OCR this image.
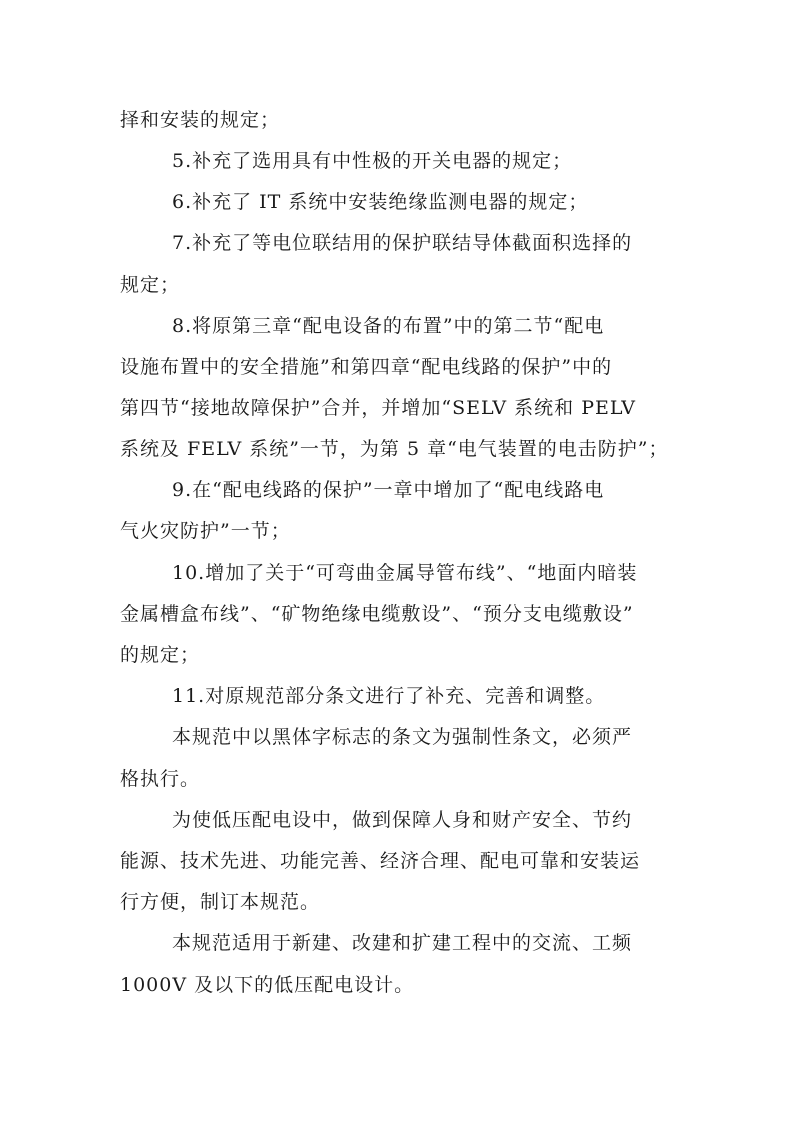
择和安装的规定；
5.补充了选用具有中性极的开关电器的规定；
6.补充了 IT 系统中安装绝缘监测电器的规定；
7.补充了等电位联结用的保护联结导体截面积选择的
规定；
8.将原第三章“配电设备的布置”中的第二节“配电
设施布置中的安全措施”和第四章“配电线路的保护”中的
第四节“接地故障保护”合并，并增加“SELV 系统和 PELV
系统及 FELV 系统”一节，为第 5 章“电气装置的电击防护”；
9.在“配电线路的保护”一章中增加了“配电线路电
气火灾防护”一节；
10.增加了关于“可弯曲金属导管布线”、“地面内暗装
金属槽盒布线”、“矿物绝缘电缆敷设”、“预分支电缆敷设”
的规定；
11.对原规范部分条文进行了补充、完善和调整。
本规范中以黑体字标志的条文为强制性条文，必须严
格执行。
为使低压配电设中，做到保障人身和财产安全、节约
能源、技术先进、功能完善、经济合理、配电可靠和安装运
行方便，制订本规范。
本规范适用于新建、改建和扩建工程中的交流、工频
1000V 及以下的低压配电设计。
